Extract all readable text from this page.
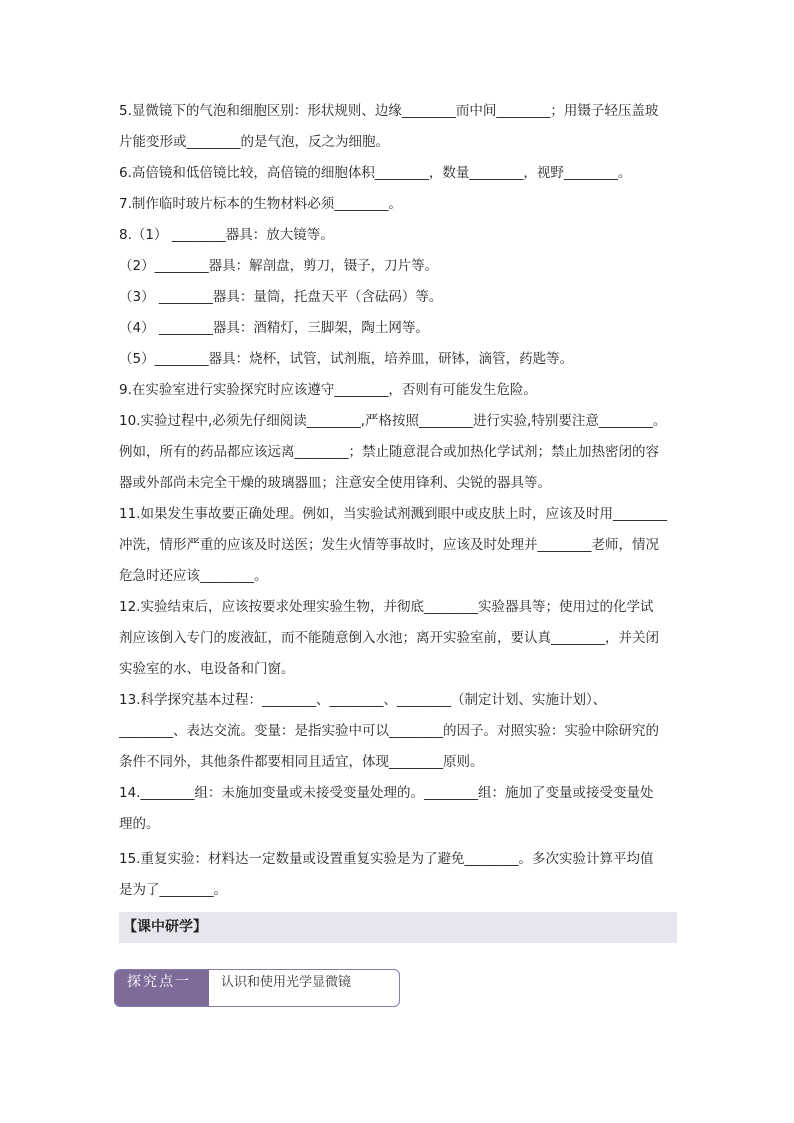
5.显微镜下的气泡和细胞区别：形状规则、边缘________而中间________；用镊子轻压盖玻
片能变形或________的是气泡，反之为细胞。
6.高倍镜和低倍镜比较，高倍镜的细胞体积________，数量________，视野________。
7.制作临时玻片标本的生物材料必须________。
8.（1） ________器具：放大镜等。
（2）________器具：解剖盘，剪刀，镊子，刀片等。
（3） ________器具：量筒，托盘天平（含砝码）等。
（4） ________器具：酒精灯，三脚架，陶土网等。
（5）________器具：烧杯，试管，试剂瓶，培养皿，研钵，滴管，药匙等。
9.在实验室进行实验探究时应该遵守________，否则有可能发生危险。
10.实验过程中,必须先仔细阅读________,严格按照________进行实验,特别要注意________。
例如，所有的药品都应该远离________；禁止随意混合或加热化学试剂；禁止加热密闭的容
器或外部尚未完全干燥的玻璃器皿；注意安全使用锋利、尖锐的器具等。
11.如果发生事故要正确处理。例如，当实验试剂溅到眼中或皮肤上时，应该及时用________
冲洗，情形严重的应该及时送医；发生火情等事故时，应该及时处理并________老师，情况
危急时还应该________。
12.实验结束后，应该按要求处理实验生物，并彻底________实验器具等；使用过的化学试
剂应该倒入专门的废液缸，而不能随意倒入水池；离开实验室前，要认真________，并关闭
实验室的水、电设备和门窗。
13.科学探究基本过程：________、________、________（制定计划、实施计划）、
________、表达交流。变量：是指实验中可以________的因子。对照实验：实验中除研究的
条件不同外，其他条件都要相同且适宜，体现________原则。
14.________组：未施加变量或未接受变量处理的。________组：施加了变量或接受变量处
理的。
15.重复实验：材料达一定数量或设置重复实验是为了避免________。多次实验计算平均值
是为了________。
【课中研学】
探究点一	认识和使用光学显微镜
